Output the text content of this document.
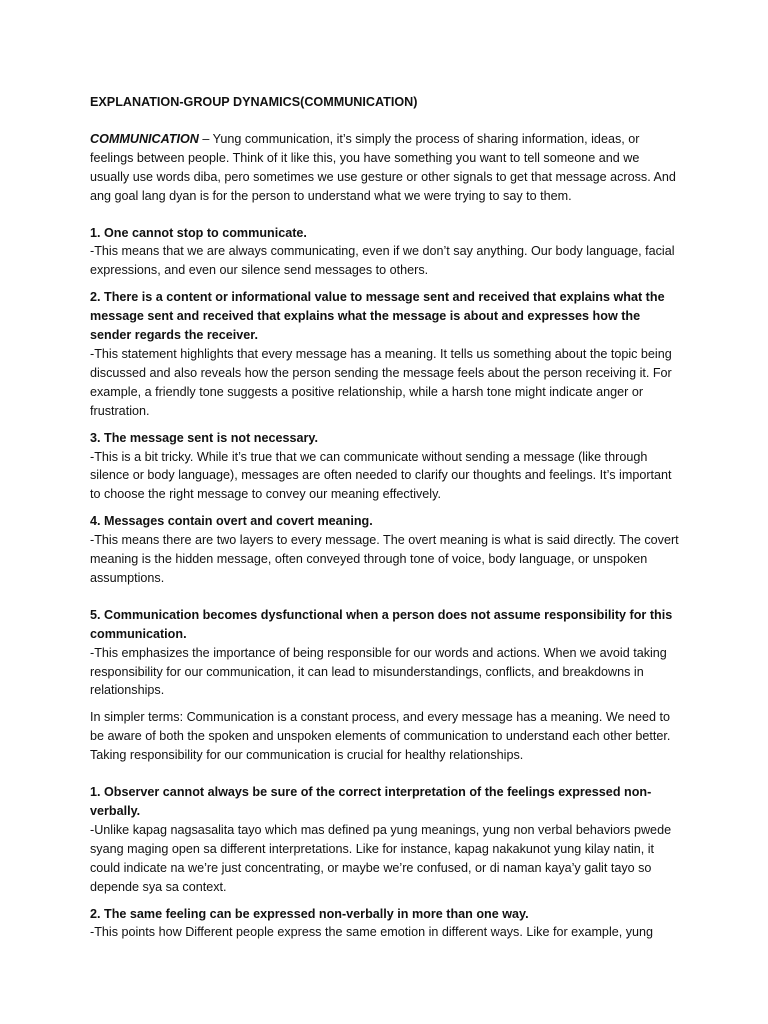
EXPLANATION-GROUP DYNAMICS(COMMUNICATION)

COMMUNICATION – Yung communication, it’s simply the process of sharing information, ideas, or feelings between people. Think of it like this, you have something you want to tell someone and we usually use words diba, pero sometimes we use gesture or other signals to get that message across. And ang goal lang dyan is for the person to understand what we were trying to say to them.

1. One cannot stop to communicate.

-This means that we are always communicating, even if we don’t say anything. Our body language, facial expressions, and even our silence send messages to others.

2. There is a content or informational value to message sent and received that explains what the message sent and received that explains what the message is about and expresses how the sender regards the receiver.

-This statement highlights that every message has a meaning. It tells us something about the topic being discussed and also reveals how the person sending the message feels about the person receiving it. For example, a friendly tone suggests a positive relationship, while a harsh tone might indicate anger or frustration.

3. The message sent is not necessary.

-This is a bit tricky. While it’s true that we can communicate without sending a message (like through silence or body language), messages are often needed to clarify our thoughts and feelings. It’s important to choose the right message to convey our meaning effectively.

4. Messages contain overt and covert meaning.

-This means there are two layers to every message. The overt meaning is what is said directly. The covert meaning is the hidden message, often conveyed through tone of voice, body language, or unspoken assumptions.

5. Communication becomes dysfunctional when a person does not assume responsibility for this communication.

-This emphasizes the importance of being responsible for our words and actions. When we avoid taking responsibility for our communication, it can lead to misunderstandings, conflicts, and breakdowns in relationships.

In simpler terms: Communication is a constant process, and every message has a meaning. We need to be aware of both the spoken and unspoken elements of communication to understand each other better. Taking responsibility for our communication is crucial for healthy relationships.

1. Observer cannot always be sure of the correct interpretation of the feelings expressed non-verbally.

-Unlike kapag nagsasalita tayo which mas defined pa yung meanings, yung non verbal behaviors pwede syang maging open sa different interpretations. Like for instance, kapag nakakunot yung kilay natin, it could indicate na we’re just concentrating, or maybe we’re confused, or di naman kaya’y galit tayo so depende sya sa context.

2. The same feeling can be expressed non-verbally in more than one way.

-This points how Different people express the same emotion in different ways. Like for example, yung
